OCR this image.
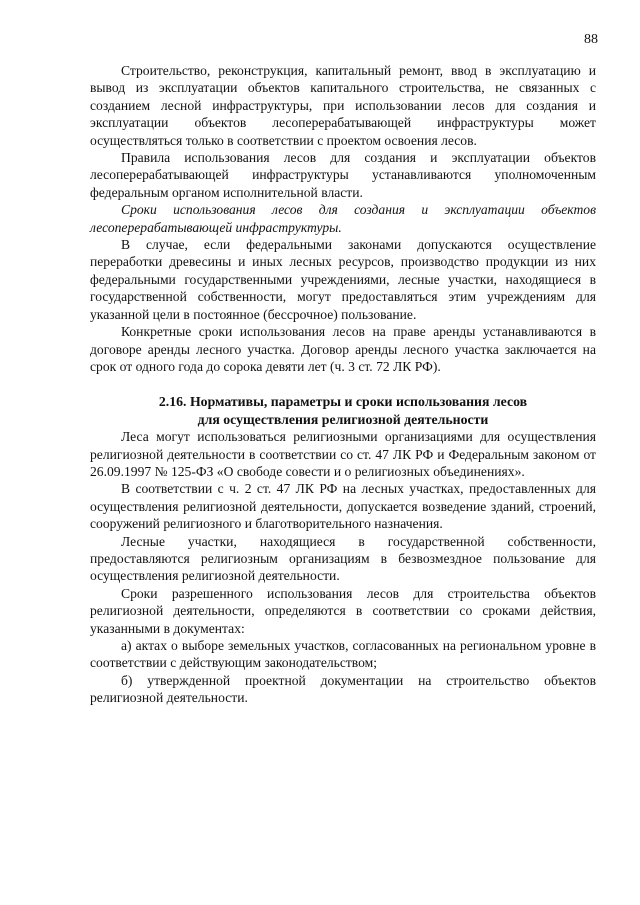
88

Строительство, реконструкция, капитальный ремонт, ввод в эксплуатацию и вывод из эксплуатации объектов капитального строительства, не связанных с созданием лесной инфраструктуры, при использовании лесов для создания и эксплуатации объектов лесоперерабатывающей инфраструктуры может осуществляться только в соответствии с проектом освоения лесов.

Правила использования лесов для создания и эксплуатации объектов лесоперерабатывающей инфраструктуры устанавливаются уполномоченным федеральным органом исполнительной власти.

Сроки использования лесов для создания и эксплуатации объектов лесоперерабатывающей инфраструктуры.

В случае, если федеральными законами допускаются осуществление переработки древесины и иных лесных ресурсов, производство продукции из них федеральными государственными учреждениями, лесные участки, находящиеся в государственной собственности, могут предоставляться этим учреждениям для указанной цели в постоянное (бессрочное) пользование.

Конкретные сроки использования лесов на праве аренды устанавливаются в договоре аренды лесного участка. Договор аренды лесного участка заключается на срок от одного года до сорока девяти лет (ч. 3 ст. 72 ЛК РФ).

2.16. Нормативы, параметры и сроки использования лесов
для осуществления религиозной деятельности

Леса могут использоваться религиозными организациями для осуществления религиозной деятельности в соответствии со ст. 47 ЛК РФ и Федеральным законом от 26.09.1997 № 125-ФЗ «О свободе совести и о религиозных объединениях».

В соответствии с ч. 2 ст. 47 ЛК РФ на лесных участках, предоставленных для осуществления религиозной деятельности, допускается возведение зданий, строений, сооружений религиозного и благотворительного назначения.

Лесные участки, находящиеся в государственной собственности, предоставляются религиозным организациям в безвозмездное пользование для осуществления религиозной деятельности.

Сроки разрешенного использования лесов для строительства объектов религиозной деятельности, определяются в соответствии со сроками действия, указанными в документах:

а) актах о выборе земельных участков, согласованных на региональном уровне в соответствии с действующим законодательством;

б) утвержденной проектной документации на строительство объектов религиозной деятельности.
